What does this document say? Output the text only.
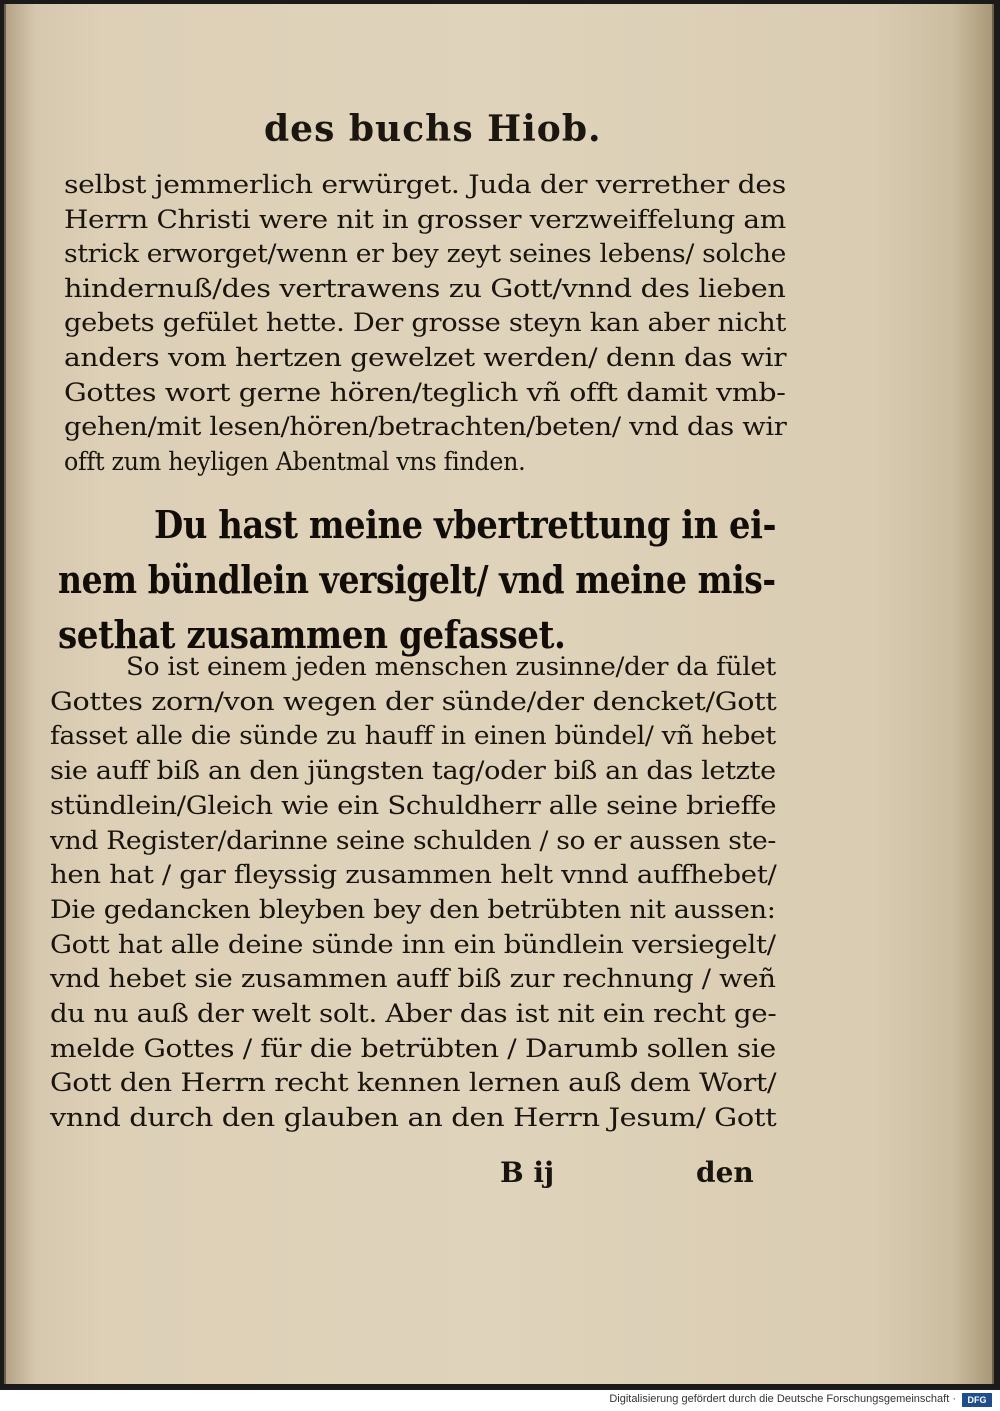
des buchs Hiob.
selbst jemmerlich erwürget. Juda der verrether des
Herrn Christi were nit in grosser verzweiffelung am
strick erworget/wenn er bey zeyt seines lebens/ solche
hindernuß/des vertrawens zu Gott/vnnd des lieben
gebets gefület hette. Der grosse steyn kan aber nicht
anders vom hertzen gewelzet werden/ denn das wir
Gottes wort gerne hören/teglich vñ offt damit vmb-
gehen/mit lesen/hören/betrachten/beten/ vnd das wir
offt zum heyligen Abentmal vns finden.
Du hast meine vbertrettung in ei-
nem bündlein versigelt/ vnd meine mis-
sethat zusammen gefasset.
So ist einem jeden menschen zusinne/der da fület
Gottes zorn/von wegen der sünde/der dencket/Gott
fasset alle die sünde zu hauff in einen bündel/ vñ hebet
sie auff biß an den jüngsten tag/oder biß an das letzte
stündlein/Gleich wie ein Schuldherr alle seine brieffe
vnd Register/darinne seine schulden / so er aussen ste-
hen hat / gar fleyssig zusammen helt vnnd auffhebet/
Die gedancken bleyben bey den betrübten nit aussen:
Gott hat alle deine sünde inn ein bündlein versiegelt/
vnd hebet sie zusammen auff biß zur rechnung / weñ
du nu auß der welt solt. Aber das ist nit ein recht ge-
melde Gottes / für die betrübten / Darumb sollen sie
Gott den Herrn recht kennen lernen auß dem Wort/
vnnd durch den glauben an den Herrn Jesum/ Gott
B ij	den
Digitalisierung gefördert durch die Deutsche Forschungsgemeinschaft ·	DFG
